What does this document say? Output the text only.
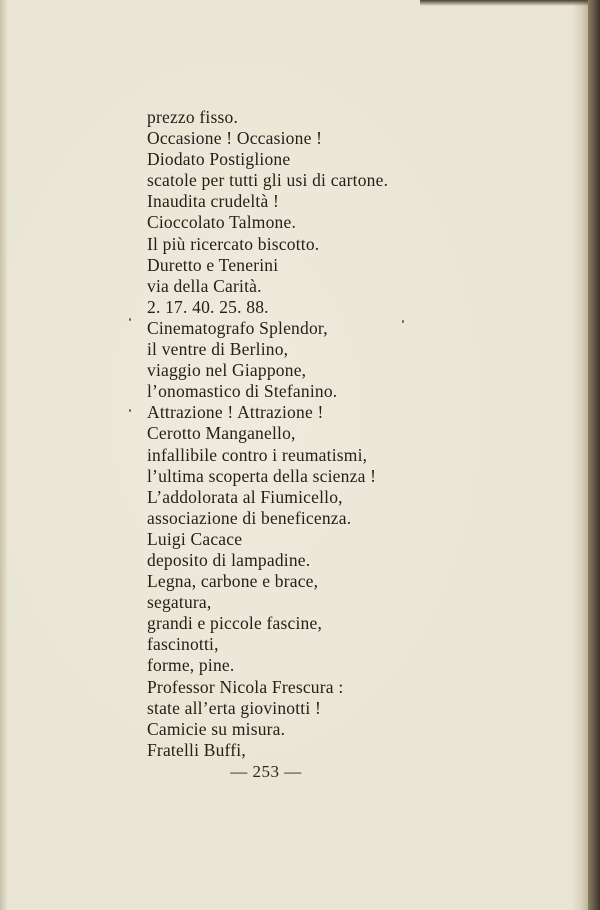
prezzo fisso.
Occasione ! Occasione !
Diodato Postiglione
scatole per tutti gli usi di cartone.
Inaudita crudeltà !
Cioccolato Talmone.
Il più ricercato biscotto.
Duretto e Tenerini
via della Carità.
2. 17. 40. 25. 88.
Cinematografo Splendor,
il ventre di Berlino,
viaggio nel Giappone,
l’onomastico di Stefanino.
Attrazione ! Attrazione !
Cerotto Manganello,
infallibile contro i reumatismi,
l’ultima scoperta della scienza !
L’addolorata al Fiumicello,
associazione di beneficenza.
Luigi Cacace
deposito di lampadine.
Legna, carbone e brace,
segatura,
grandi e piccole fascine,
fascinotti,
forme, pine.
Professor Nicola Frescura :
state all’erta giovinotti !
Camicie su misura.
Fratelli Buffi,
— 253 —
